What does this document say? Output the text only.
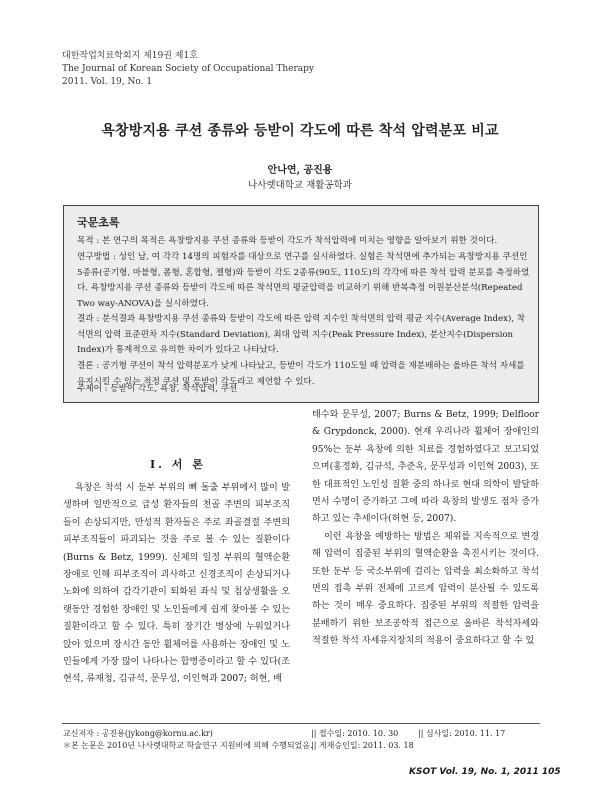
대한작업치료학회지 제19권 제1호
The Journal of Korean Society of Occupational Therapy
2011. Vol. 19, No. 1
욕창방지용 쿠션 종류와 등받이 각도에 따른 착석 압력분포 비교
안나연, 공진용
나사렛대학교 재활공학과
국문초록
목적 : 본 연구의 목적은 욕창방지용 쿠션 종류와 등받이 각도가 착석압력에 미치는 영향을 알아보기 위한 것이다.
연구방법 : 성인 남, 여 각각 14명의 피험자를 대상으로 연구를 실시하였다. 실험은 착석면에 추가되는 욕창방지용 쿠션인 5종류(공기형, 마블형, 폼형, 혼합형, 젤형)와 등받이 각도 2종류(90도, 110도)의 각각에 따른 착석 압력 분포를 측정하였다. 욕창방지용 쿠션 종류와 등받이 각도에 따른 착석면의 평균압력을 비교하기 위해 반복측정 이원분산분석(Repeated Two way-ANOVA)을 실시하였다.
결과 : 분석결과 욕창방지용 쿠션 종류와 등받이 각도에 따른 압력 지수인 착석면의 압력 평균 지수(Average Index), 착석면의 압력 표준편차 지수(Standard Deviation), 최대 압력 지수(Peak Pressure Index), 분산지수(Dispersion Index)가 통계적으로 유의한 차이가 있다고 나타났다.
결론 : 공기형 쿠션이 착석 압력분포가 낮게 나타났고, 등받이 각도가 110도일 때 압력을 재분배하는 올바른 착석 자세를 유지시킬 수 있는 적정 쿠션 및 등받이 각도라고 제언할 수 있다.
주제어 : 등받이 각도, 욕창, 착석압력, 쿠션
Ⅰ. 서 론

욕창은 착석 시 둔부 부위의 뼈 돌출 부위에서 많이 발생하며 일반적으로 급성 환자들의 천골 주변의 피부조직들이 손상되지만, 만성적 환자들은 주로 좌골결절 주변의 피부조직들이 파괴되는 것을 주로 볼 수 있는 질환이다(Burns & Betz, 1999). 신체의 일정 부위의 혈액순환 장애로 인해 피부조직이 괴사하고 신경조직이 손상되거나 노화에 의하여 감각기관이 퇴화된 좌식 및 침상생활을 오랫동안 경험한 장애인 및 노인들에게 쉽게 찾아볼 수 있는 질환이라고 할 수 있다. 특히 장기간 병상에 누워있거나 앉아 있으며 장시간 동안 휠체어를 사용하는 장애인 및 노인들에게 가장 많이 나타나는 합병증이라고 할 수 있다(조현석, 류재청, 김규석, 문무성, 이인혁과 2007; 허현, 배

태수와 문무성, 2007; Burns & Betz, 1999; Delfloor & Grypdonck, 2000). 현재 우리나라 휠체어 장애인의 95%는 둔부 욕창에 의한 치료를 경험하였다고 보고되었으며(홍정화, 김규석, 추준옥, 문무성과 이인혁 2003), 또한 대표적인 노인성 질환 중의 하나로 현대 의학이 발달하면서 수명이 증가하고 그에 따라 욕창의 발생도 점차 증가하고 있는 추세이다(허현 등, 2007).

이런 욕창을 예방하는 방법은 체위를 지속적으로 변경해 압력이 집중된 부위의 혈액순환을 촉진시키는 것이다. 또한 둔부 등 국소부위에 걸리는 압력을 최소화하고 착석면의 접촉 부위 전체에 고르게 압력이 분산될 수 있도록 하는 것이 매우 중요하다. 집중된 부위의 적절한 압력을 분배하기 위한 보조공학적 접근으로 올바른 착석자세와 적절한 착석 자세유지장치의 적용이 중요하다고 할 수 있

교신저자 : 공진용(jykong@kornu.ac.kr)	|| 접수일: 2010. 10. 30 || 심사일: 2010. 11. 17
＊본 논문은 2010년 나사렛대학교 학술연구 지원비에 의해 수행되었음.
|| 게재승인일: 2011. 03. 18
KSOT Vol. 19, No. 1, 2011 105
